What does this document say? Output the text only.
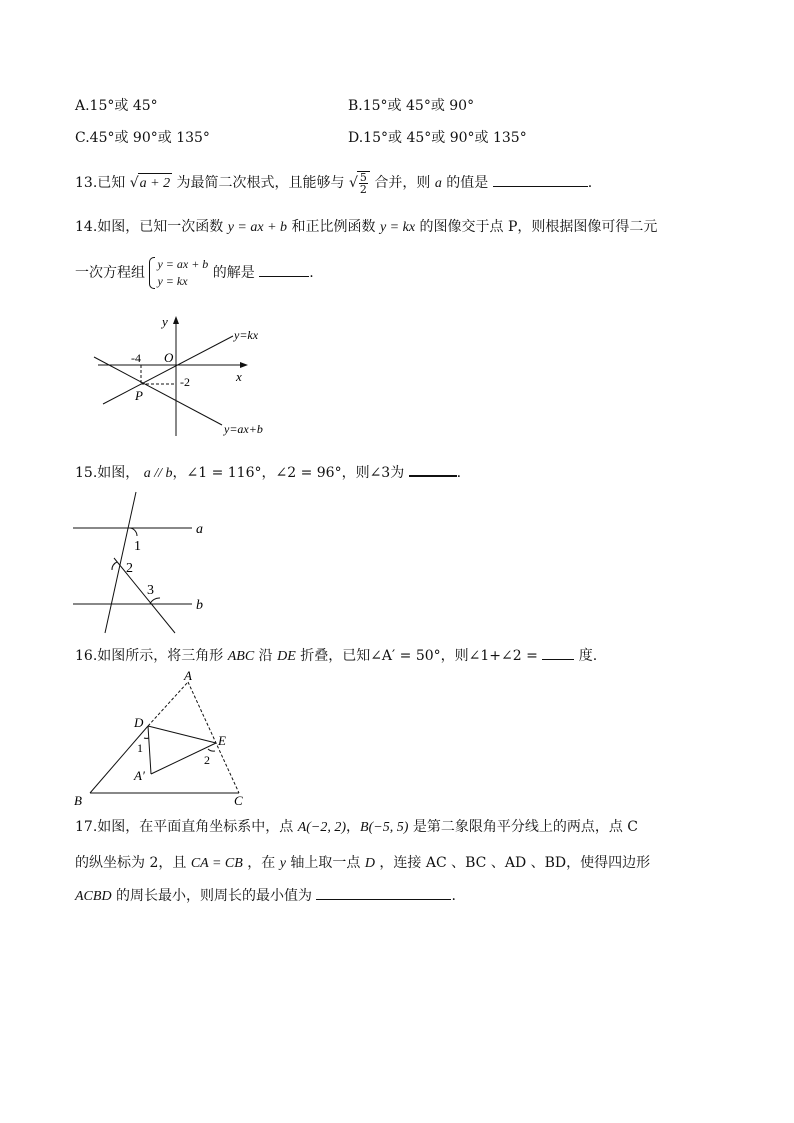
A.15°或 45°	B.15°或 45°或 90°
C.45°或 90°或 135°	D.15°或 45°或 90°或 135°
13.已知 √a + 2 为最简二次根式，且能够与 √ $\frac{5}{2}$ 合并，则 a 的值是	.
14.如图，已知一次函数 y = ax + b 和正比例函数 y = kx 的图像交于点 P，则根据图像可得二元
一次方程组
y = ax + b
y = kx	的解是	.
y
x
O
-4
-2
P
y=kx
y=ax+b
15.如图， a // b，∠1 = 116°，∠2 = 96°，则∠3为	.
a
b
1
2
3
16.如图所示，将三角形 ABC 沿 DE 折叠，已知∠A′ = 50°，则∠1+∠2 =	度.
A
B	C
D
E
A′
1
2
17.如图，在平面直角坐标系中，点 A(−2, 2)，B(−5, 5) 是第二象限角平分线上的两点，点 C
的纵坐标为 2，且 CA = CB ，在 y 轴上取一点 D ，连接 AC 、BC 、AD 、BD，使得四边形
ACBD 的周长最小，则周长的最小值为	.
